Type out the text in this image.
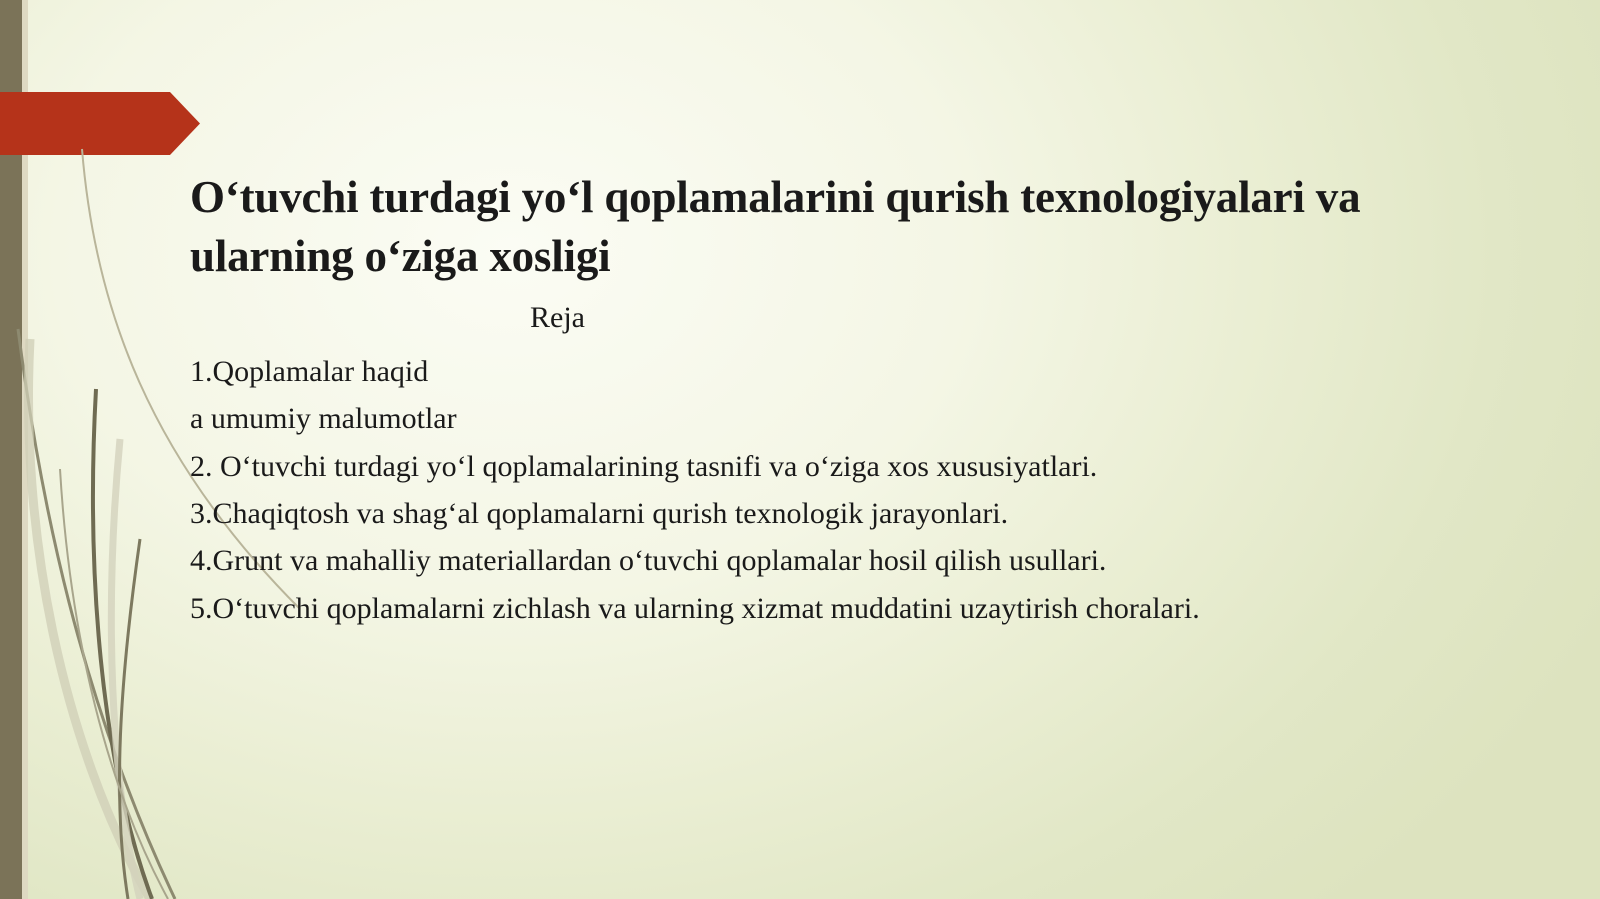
O‘tuvchi turdagi yo‘l qoplamalarini qurish texnologiyalari va ularning o‘ziga xosligi
Reja
1.Qoplamalar haqid
a umumiy malumotlar
2. O‘tuvchi turdagi yo‘l qoplamalarining tasnifi va o‘ziga xos xususiyatlari.
3.Chaqiqtosh va shag‘al qoplamalarni qurish texnologik jarayonlari.
4.Grunt va mahalliy materiallardan o‘tuvchi qoplamalar hosil qilish usullari.
5.O‘tuvchi qoplamalarni zichlash va ularning xizmat muddatini uzaytirish choralari.
